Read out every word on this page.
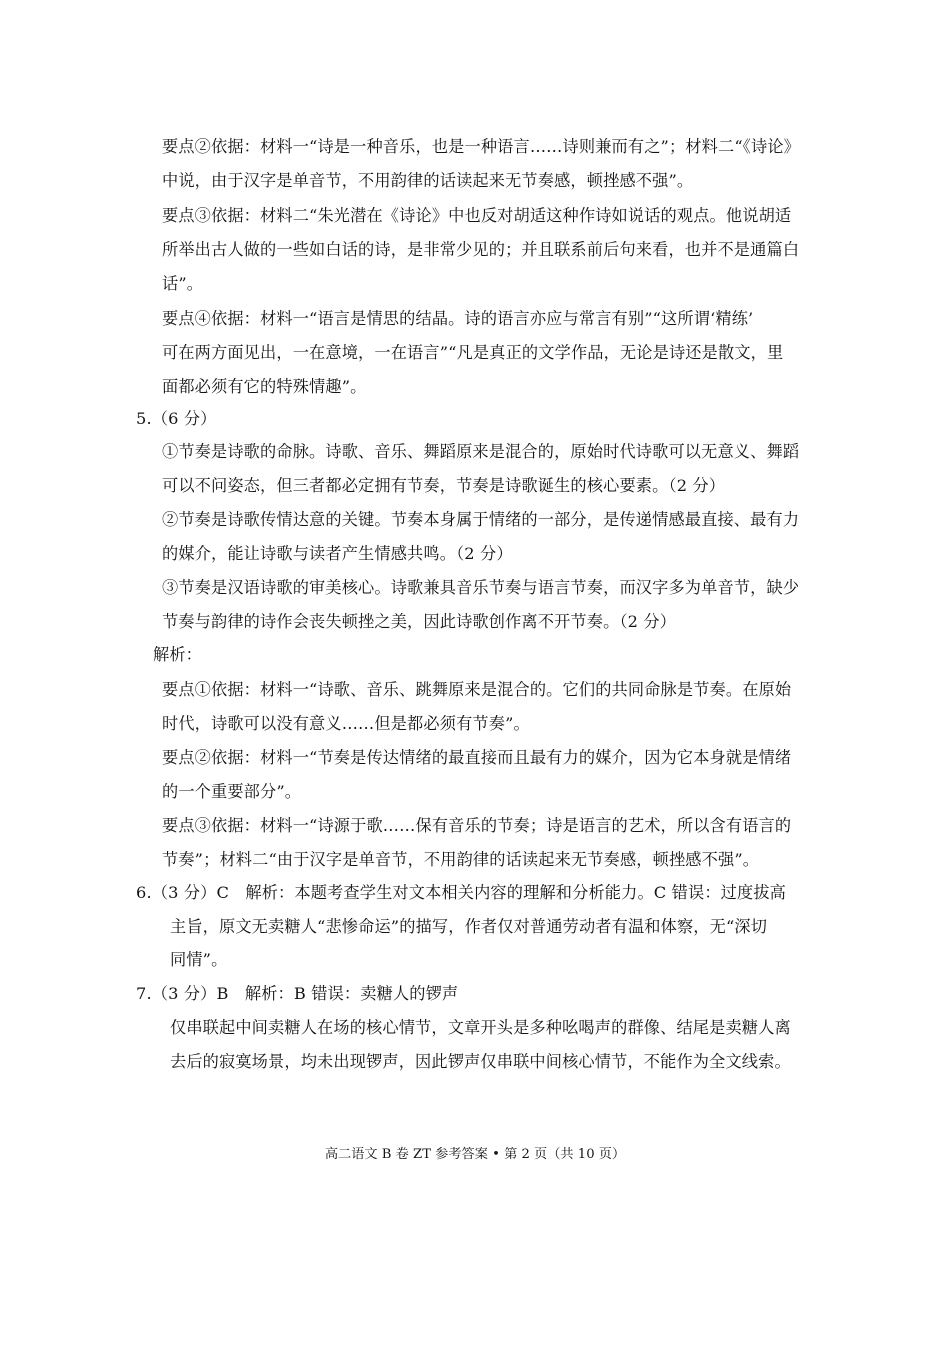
要点②依据：材料一“诗是一种音乐，也是一种语言……诗则兼而有之”；材料二“《诗论》
中说，由于汉字是单音节，不用韵律的话读起来无节奏感，顿挫感不强”。
要点③依据：材料二“朱光潜在《诗论》中也反对胡适这种作诗如说话的观点。他说胡适
所举出古人做的一些如白话的诗，是非常少见的；并且联系前后句来看，也并不是通篇白
话”。
要点④依据：材料一“语言是情思的结晶。诗的语言亦应与常言有别”“这所谓‘精练’
可在两方面见出，一在意境，一在语言”“凡是真正的文学作品，无论是诗还是散文，里
面都必须有它的特殊情趣”。
5.（6 分）
①节奏是诗歌的命脉。诗歌、音乐、舞蹈原来是混合的，原始时代诗歌可以无意义、舞蹈
可以不问姿态，但三者都必定拥有节奏，节奏是诗歌诞生的核心要素。（2 分）
②节奏是诗歌传情达意的关键。节奏本身属于情绪的一部分，是传递情感最直接、最有力
的媒介，能让诗歌与读者产生情感共鸣。（2 分）
③节奏是汉语诗歌的审美核心。诗歌兼具音乐节奏与语言节奏，而汉字多为单音节，缺少
节奏与韵律的诗作会丧失顿挫之美，因此诗歌创作离不开节奏。（2 分）
解析：
要点①依据：材料一“诗歌、音乐、跳舞原来是混合的。它们的共同命脉是节奏。在原始
时代，诗歌可以没有意义……但是都必须有节奏”。
要点②依据：材料一“节奏是传达情绪的最直接而且最有力的媒介，因为它本身就是情绪
的一个重要部分”。
要点③依据：材料一“诗源于歌……保有音乐的节奏；诗是语言的艺术，所以含有语言的
节奏”；材料二“由于汉字是单音节，不用韵律的话读起来无节奏感，顿挫感不强”。
6.（3 分）C　解析：本题考查学生对文本相关内容的理解和分析能力。C 错误：过度拔高
主旨，原文无卖糖人“悲惨命运”的描写，作者仅对普通劳动者有温和体察，无“深切
同情”。
7.（3 分）B　解析：B 错误：卖糖人的锣声
仅串联起中间卖糖人在场的核心情节，文章开头是多种吆喝声的群像、结尾是卖糖人离
去后的寂寞场景，均未出现锣声，因此锣声仅串联中间核心情节，不能作为全文线索。
高二语文 B 卷 ZT 参考答案 • 第 2 页（共 10 页）
